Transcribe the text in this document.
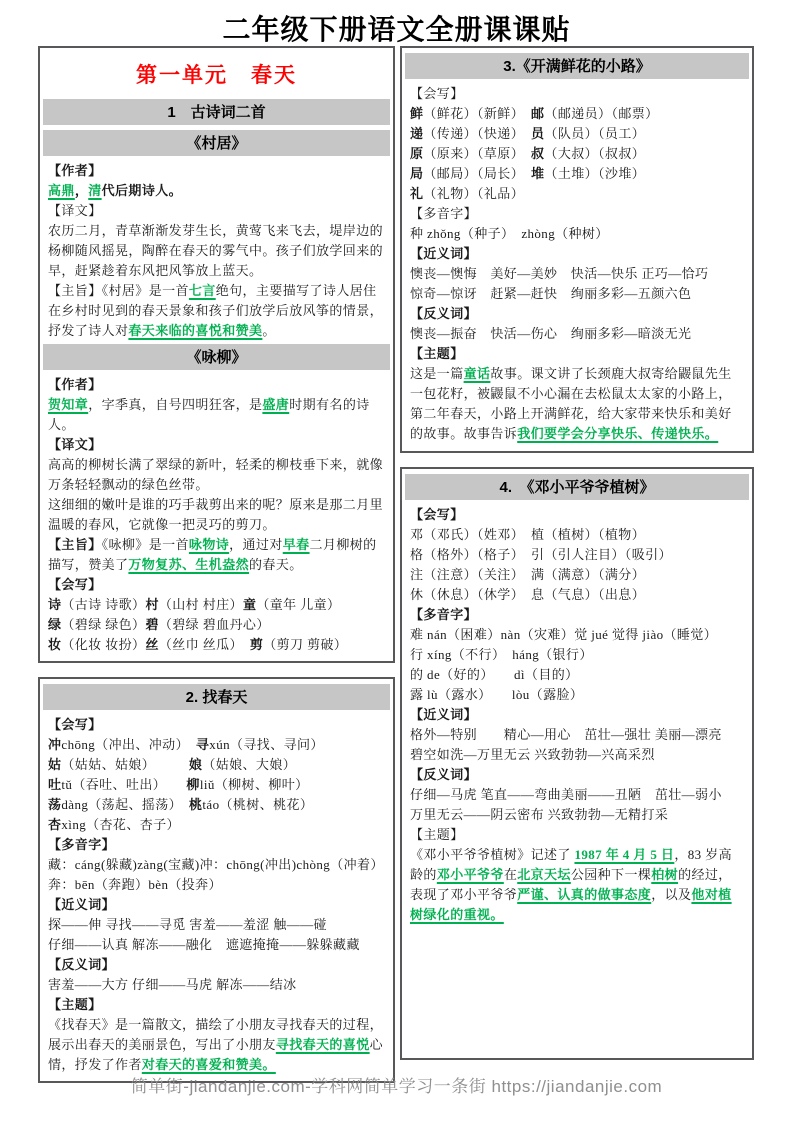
二年级下册语文全册课课贴
第一单元　春天
1　古诗词二首
《村居》
【作者】
高鼎，清代后期诗人。
【译文】
农历二月，青草渐渐发芽生长，黄莺飞来飞去，堤岸边的杨柳随风摇晃，陶醉在春天的雾气中。孩子们放学回来的早，赶紧趁着东风把风筝放上蓝天。
【主旨】《村居》是一首七言绝句，主要描写了诗人居住在乡村时见到的春天景象和孩子们放学后放风筝的情景，抒发了诗人对春天来临的喜悦和赞美。
《咏柳》
【作者】
贺知章，字季真，自号四明狂客，是盛唐时期有名的诗人。
【译文】
高高的柳树长满了翠绿的新叶，轻柔的柳枝垂下来，就像万条轻轻飘动的绿色丝带。
这细细的嫩叶是谁的巧手裁剪出来的呢？原来是那二月里温暖的春风，它就像一把灵巧的剪刀。
【主旨】《咏柳》是一首咏物诗，通过对早春二月柳树的描写，赞美了万物复苏、生机盎然的春天。
【会写】
诗（古诗 诗歌）村（山村 村庄）童（童年 儿童）
绿（碧绿 绿色）碧（碧绿 碧血丹心）
妆（化妆 妆扮）丝（丝巾 丝瓜）　剪（剪刀 剪破）
2. 找春天
【会写】
冲chōng（冲出、冲动）　寻xún（寻找、寻问）
姑（姑姑、姑娘）　　　娘（姑娘、大娘）
吐tǔ（吞吐、吐出）　　柳liǔ（柳树、柳叶）
荡dàng（荡起、摇荡）　桃táo（桃树、桃花）
杏xìng（杏花、杏子）
【多音字】
藏：cáng(躲藏)zàng(宝藏)冲：chōng(冲出)chòng（冲着）奔：bēn（奔跑）bèn（投奔）
【近义词】
探——伸 寻找——寻觅 害羞——羞涩 触——碰
仔细——认真 解冻——融化　遮遮掩掩——躲躲藏藏
【反义词】
害羞——大方 仔细——马虎 解冻——结冰
【主题】
《找春天》是一篇散文，描绘了小朋友寻找春天的过程，展示出春天的美丽景色，写出了小朋友寻找春天的喜悦心情，抒发了作者对春天的喜爱和赞美。
3.《开满鲜花的小路》
【会写】
鲜（鲜花）（新鲜）　邮（邮递员）（邮票）
递（传递）（快递）　员（队员）（员工）
原（原来）（草原）　叔（大叔）（叔叔）
局（邮局）（局长）　堆（土堆）（沙堆）
礼（礼物）（礼品）
【多音字】
种 zhǒng（种子）　zhòng（种树）
【近义词】
懊丧—懊悔　美好—美妙　快活—快乐 正巧—恰巧
惊奇—惊讶　赶紧—赶快　绚丽多彩—五颜六色
【反义词】
懊丧—振奋　快活—伤心　绚丽多彩—暗淡无光
【主题】
这是一篇童话故事。课文讲了长颈鹿大叔寄给鼹鼠先生一包花籽，被鼹鼠不小心漏在去松鼠太太家的小路上，第二年春天，小路上开满鲜花，给大家带来快乐和美好的故事。故事告诉我们要学会分享快乐、传递快乐。
4.　《邓小平爷爷植树》
【会写】
邓（邓氏）（姓邓）　植（植树）（植物）
格（格外）（格子）　引（引人注目）（吸引）
注（注意）（关注）　满（满意）（满分）
休（休息）（休学）　息（气息）（出息）
【多音字】
难 nán（困难）nàn（灾难）觉 jué 觉得 jiào（睡觉）
行 xíng（不行）　háng（银行）
的 de（好的）　　dì（目的）
露 lù（露水）　　lòu（露脸）
【近义词】
格外—特别　　精心—用心　茁壮—强壮 美丽—漂亮
碧空如洗—万里无云 兴致勃勃—兴高采烈
【反义词】
仔细—马虎 笔直——弯曲美丽——丑陋　茁壮—弱小
万里无云——阴云密布 兴致勃勃—无精打采
【主题】
《邓小平爷爷植树》记述了 1987 年 4 月 5 日，83 岁高龄的邓小平爷爷在北京天坛公园种下一棵柏树的经过，表现了邓小平爷爷严谨、认真的做事态度，以及他对植树绿化的重视。
简单街-jiandanjie.com-学科网简单学习一条街 https://jiandanjie.com
